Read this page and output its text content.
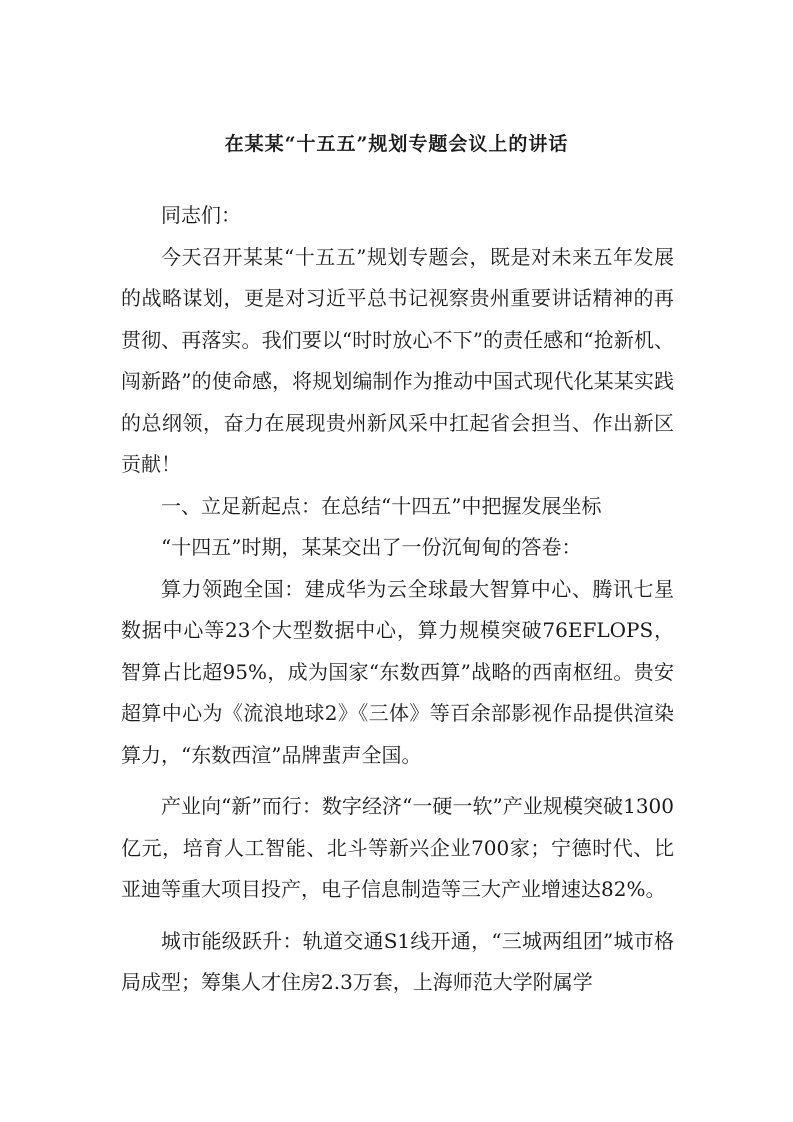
在某某“十五五”规划专题会议上的讲话

同志们：

今天召开某某“十五五”规划专题会，既是对未来五年发展的战略谋划，更是对习近平总书记视察贵州重要讲话精神的再贯彻、再落实。我们要以“时时放心不下”的责任感和“抢新机、闯新路”的使命感，将规划编制作为推动中国式现代化某某实践的总纲领，奋力在展现贵州新风采中扛起省会担当、作出新区贡献！

一、立足新起点：在总结“十四五”中把握发展坐标

“十四五”时期，某某交出了一份沉甸甸的答卷：

算力领跑全国：建成华为云全球最大智算中心、腾讯七星数据中心等23个大型数据中心，算力规模突破76EFLOPS，智算占比超95%，成为国家“东数西算”战略的西南枢纽。贵安超算中心为《流浪地球2》《三体》等百余部影视作品提供渲染算力，“东数西渲”品牌蜚声全国。

产业向“新”而行：数字经济“一硬一软”产业规模突破1300亿元，培育人工智能、北斗等新兴企业700家；宁德时代、比亚迪等重大项目投产，电子信息制造等三大产业增速达82%。

城市能级跃升：轨道交通S1线开通，“三城两组团”城市格局成型；筹集人才住房2.3万套，上海师范大学附属学
